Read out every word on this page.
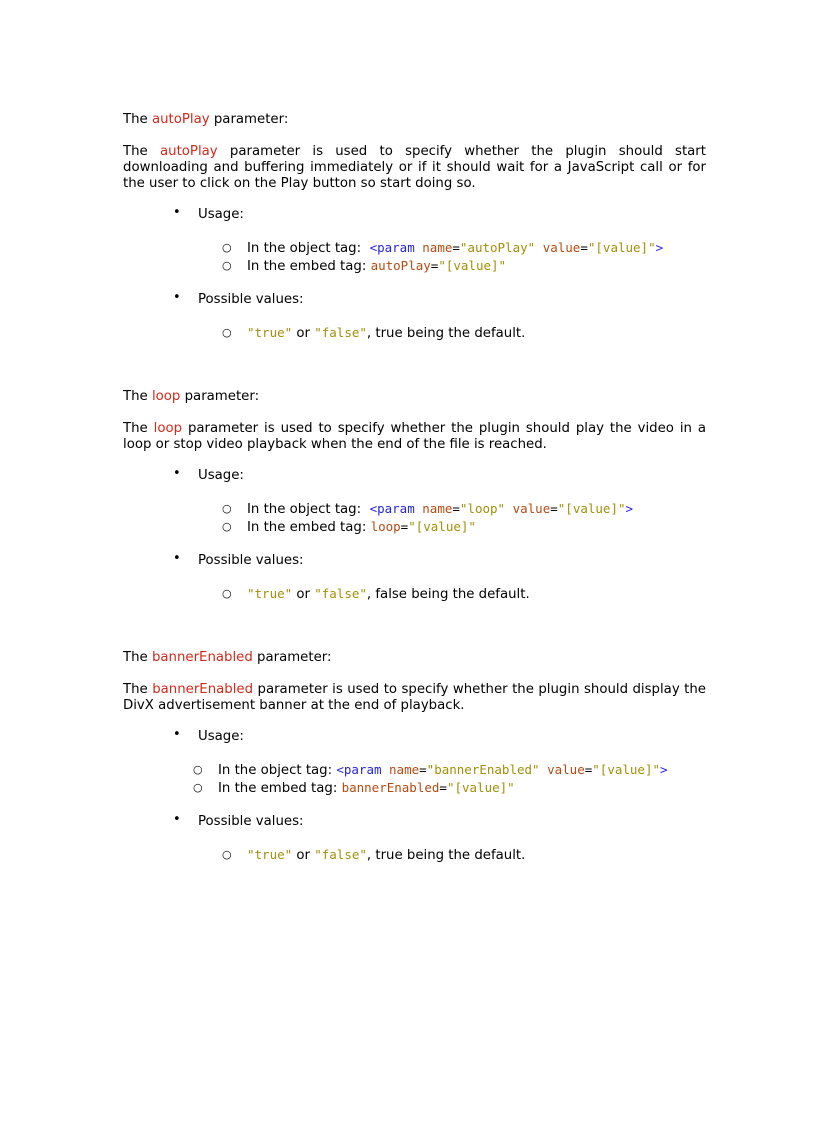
The autoPlay parameter:

The autoPlay parameter is used to specify whether the plugin should start downloading and buffering immediately or if it should wait for a JavaScript call or for the user to click on the Play button so start doing so.

• Usage:
○ In the object tag: <param name="autoPlay" value="[value]">
○ In the embed tag: autoPlay="[value]"
• Possible values:
○ "true" or "false", true being the default.

The loop parameter:

The loop parameter is used to specify whether the plugin should play the video in a loop or stop video playback when the end of the file is reached.

• Usage:
○ In the object tag: <param name="loop" value="[value]">
○ In the embed tag: loop="[value]"
• Possible values:
○ "true" or "false", false being the default.

The bannerEnabled parameter:

The bannerEnabled parameter is used to specify whether the plugin should display the DivX advertisement banner at the end of playback.

• Usage:
○ In the object tag: <param name="bannerEnabled" value="[value]">
○ In the embed tag: bannerEnabled="[value]"
• Possible values:
○ "true" or "false", true being the default.
